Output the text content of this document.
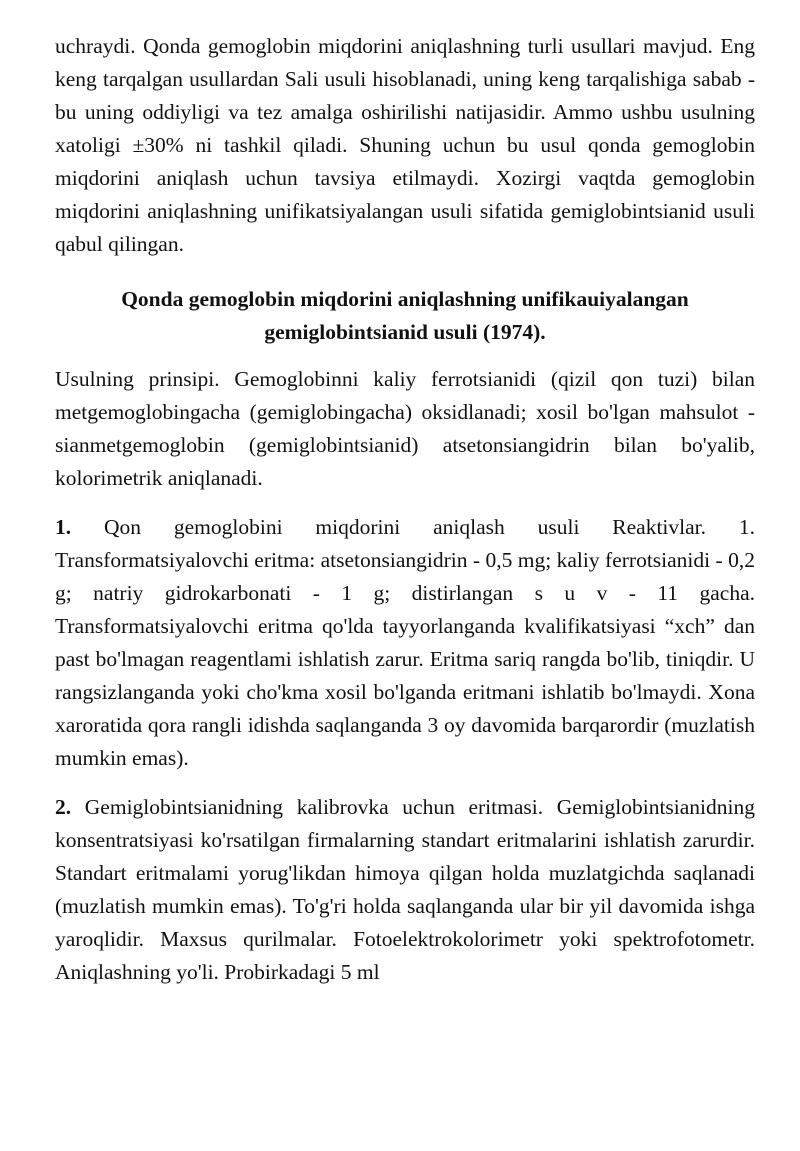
uchraydi. Qonda gemoglobin miqdorini aniqlashning turli usullari mavjud. Eng keng tarqalgan usullardan Sali usuli hisoblanadi, uning keng tarqalishiga sabab - bu uning oddiyligi va tez amalga oshirilishi natijasidir. Ammo ushbu usulning xatoligi ±30% ni tashkil qiladi. Shuning uchun bu usul qonda gemoglobin miqdorini aniqlash uchun tavsiya etilmaydi. Xozirgi vaqtda gemoglobin miqdorini aniqlashning unifikatsiyalangan usuli sifatida gemiglobintsianid usuli qabul qilingan.

Qonda gemoglobin miqdorini aniqlashning unifikauiyalangan
gemiglobintsianid usuli (1974).

Usulning prinsipi. Gemoglobinni kaliy ferrotsianidi (qizil qon tuzi) bilan metgemoglobingacha (gemiglobingacha) oksidlanadi; xosil bo'lgan mahsulot - sianmetgemoglobin (gemiglobintsianid) atsetonsiangidrin bilan bo'yalib, kolorimetrik aniqlanadi.

1. Qon gemoglobini miqdorini aniqlash usuli Reaktivlar. 1. Transformatsiyalovchi eritma: atsetonsiangidrin - 0,5 mg; kaliy ferrotsianidi - 0,2 g; natriy gidrokarbonati - 1 g; distirlangan s u v - 11 gacha. Transformatsiyalovchi eritma qo'lda tayyorlanganda kvalifikatsiyasi “xch” dan past bo'lmagan reagentlami ishlatish zarur. Eritma sariq rangda bo'lib, tiniqdir. U rangsizlanganda yoki cho'kma xosil bo'lganda eritmani ishlatib bo'lmaydi. Xona xaroratida qora rangli idishda saqlanganda 3 oy davomida barqarordir (muzlatish mumkin emas).

2. Gemiglobintsianidning kalibrovka uchun eritmasi. Gemiglobintsianidning konsentratsiyasi ko'rsatilgan firmalarning standart eritmalarini ishlatish zarurdir. Standart eritmalami yorug'likdan himoya qilgan holda muzlatgichda saqlanadi (muzlatish mumkin emas). To'g'ri holda saqlanganda ular bir yil davomida ishga yaroqlidir. Maxsus qurilmalar. Fotoelektrokolorimetr yoki spektrofotometr. Aniqlashning yo'li. Probirkadagi 5 ml
